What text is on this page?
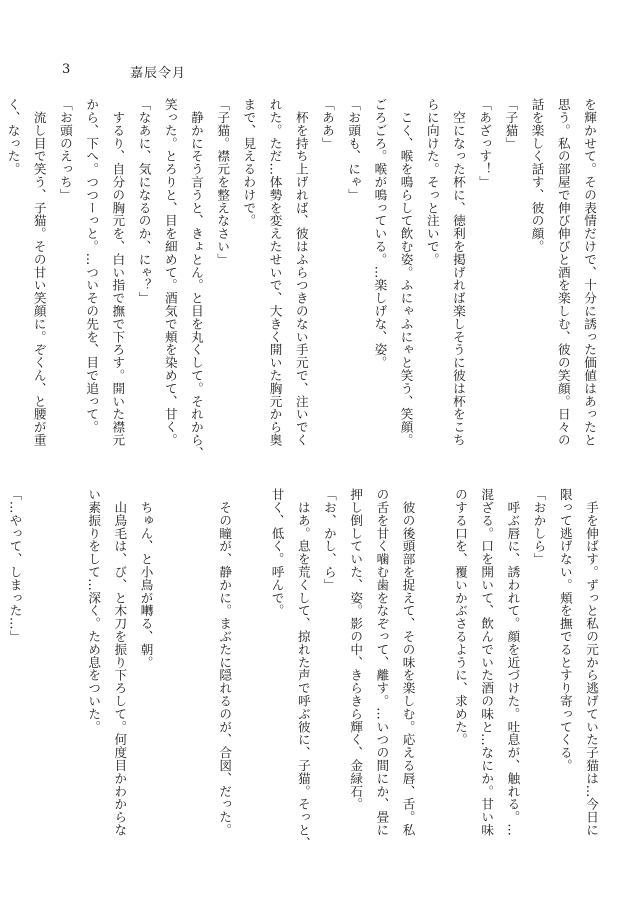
3	嘉辰令月
を輝かせて。その表情だけで、十分に誘った価値はあったと
思う。私の部屋で伸び伸びと酒を楽しむ、彼の笑顔。日々の
話を楽しく話す、彼の顔。
「子猫」
「あざっす！」
　空になった杯に、徳利を掲げれば楽しそうに彼は杯をこち
らに向けた。そっと注いで。
　こく、喉を鳴らして飲む姿。ふにゃふにゃと笑う、笑顔。
ごろごろ。喉が鳴っている。…楽しげな、姿。
「お頭も、にゃ」
「ああ」
　杯を持ち上げれば、彼はふらつきのない手元で、注いでく
れた。ただ…体勢を変えたせいで、大きく開いた胸元から奥
まで、見えるわけで。
「子猫。襟元を整えなさい」
　静かにそう言うと、きょとん。と目を丸くして。それから、
笑った。とろりと、目を細めて。酒気で頬を染めて、甘く。
「なあに、気になるのか、にゃ？」
　するり、自分の胸元を、白い指で撫で下ろす。開いた襟元
から、下へ。つつーっと。…ついその先を、目で追って。
「お頭のえっち」
　流し目で笑う、子猫。その甘い笑顔に。ぞくん、と腰が重
く、なった。
　手を伸ばす。ずっと私の元から逃げていた子猫は…今日に
限って逃げない。頬を撫でるとすり寄ってくる。
「おかしら」
　呼ぶ唇に、誘われて。顔を近づけた。吐息が、触れる。…
混ざる。口を開いて、飲んでいた酒の味と…なにか。甘い味
のする口を、覆いかぶさるように、求めた。

　彼の後頭部を捉えて、その味を楽しむ。応える唇、舌。私
の舌を甘く噛む歯をなぞって、離す。…いつの間にか、畳に
押し倒していた、姿。影の中、きらきら輝く、金緑石。
「お、かし、ら」
　はあ。息を荒くして、掠れた声で呼ぶ彼に、子猫。そっと、
甘く、低く。呼んで。

　その瞳が、静かに。まぶたに隠れるのが、合図、だった。

　ちゅん、と小鳥が囀る、朝。
　山鳥毛は、び、と木刀を振り下ろして。何度目かわからな
い素振りをして…深く。ため息をついた。

「…やって、しまった…」
